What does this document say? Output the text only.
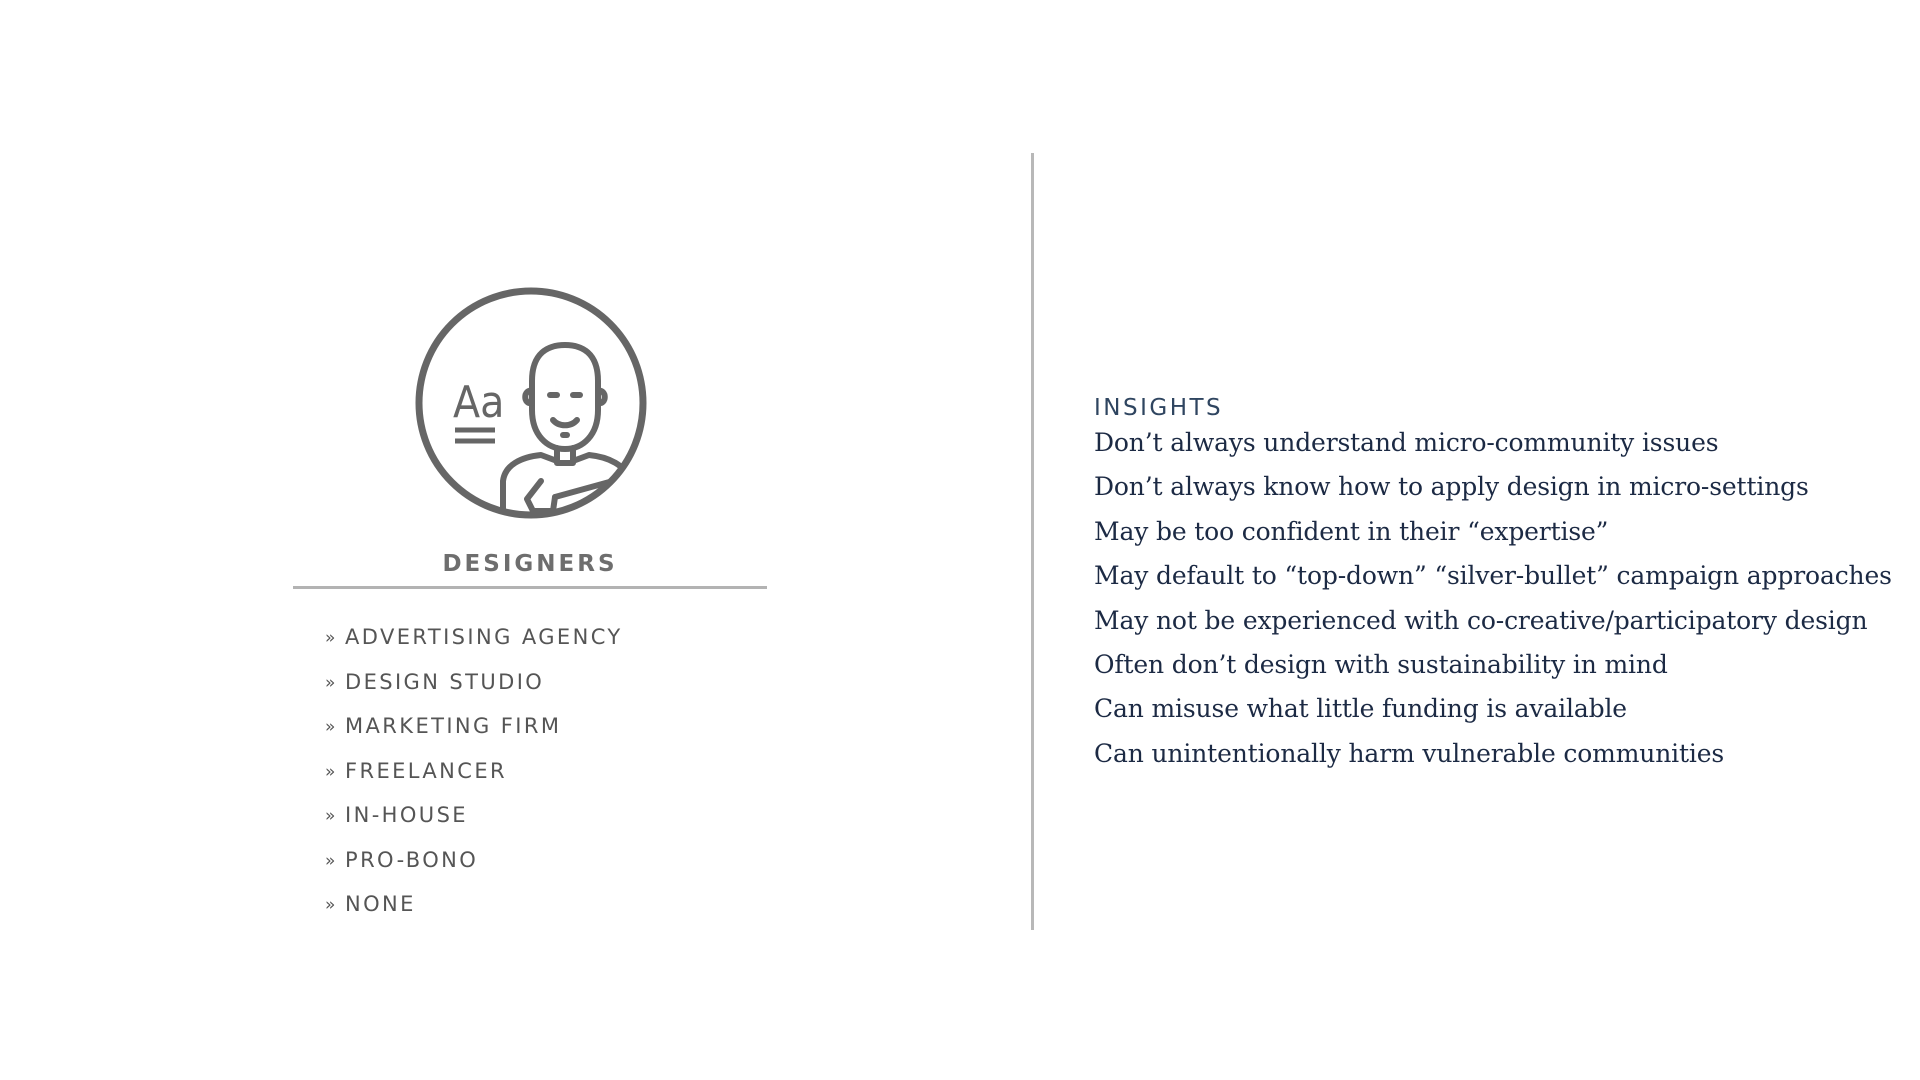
Aa
DESIGNERS
» ADVERTISING AGENCY
» DESIGN STUDIO
» MARKETING FIRM
» FREELANCER
» IN-HOUSE
» PRO-BONO
» NONE
INSIGHTS
Don’t always understand micro-community issues
Don’t always know how to apply design in micro-settings
May be too confident in their “expertise”
May default to “top-down” “silver-bullet” campaign approaches
May not be experienced with co-creative/participatory design
Often don’t design with sustainability in mind
Can misuse what little funding is available
Can unintentionally harm vulnerable communities
